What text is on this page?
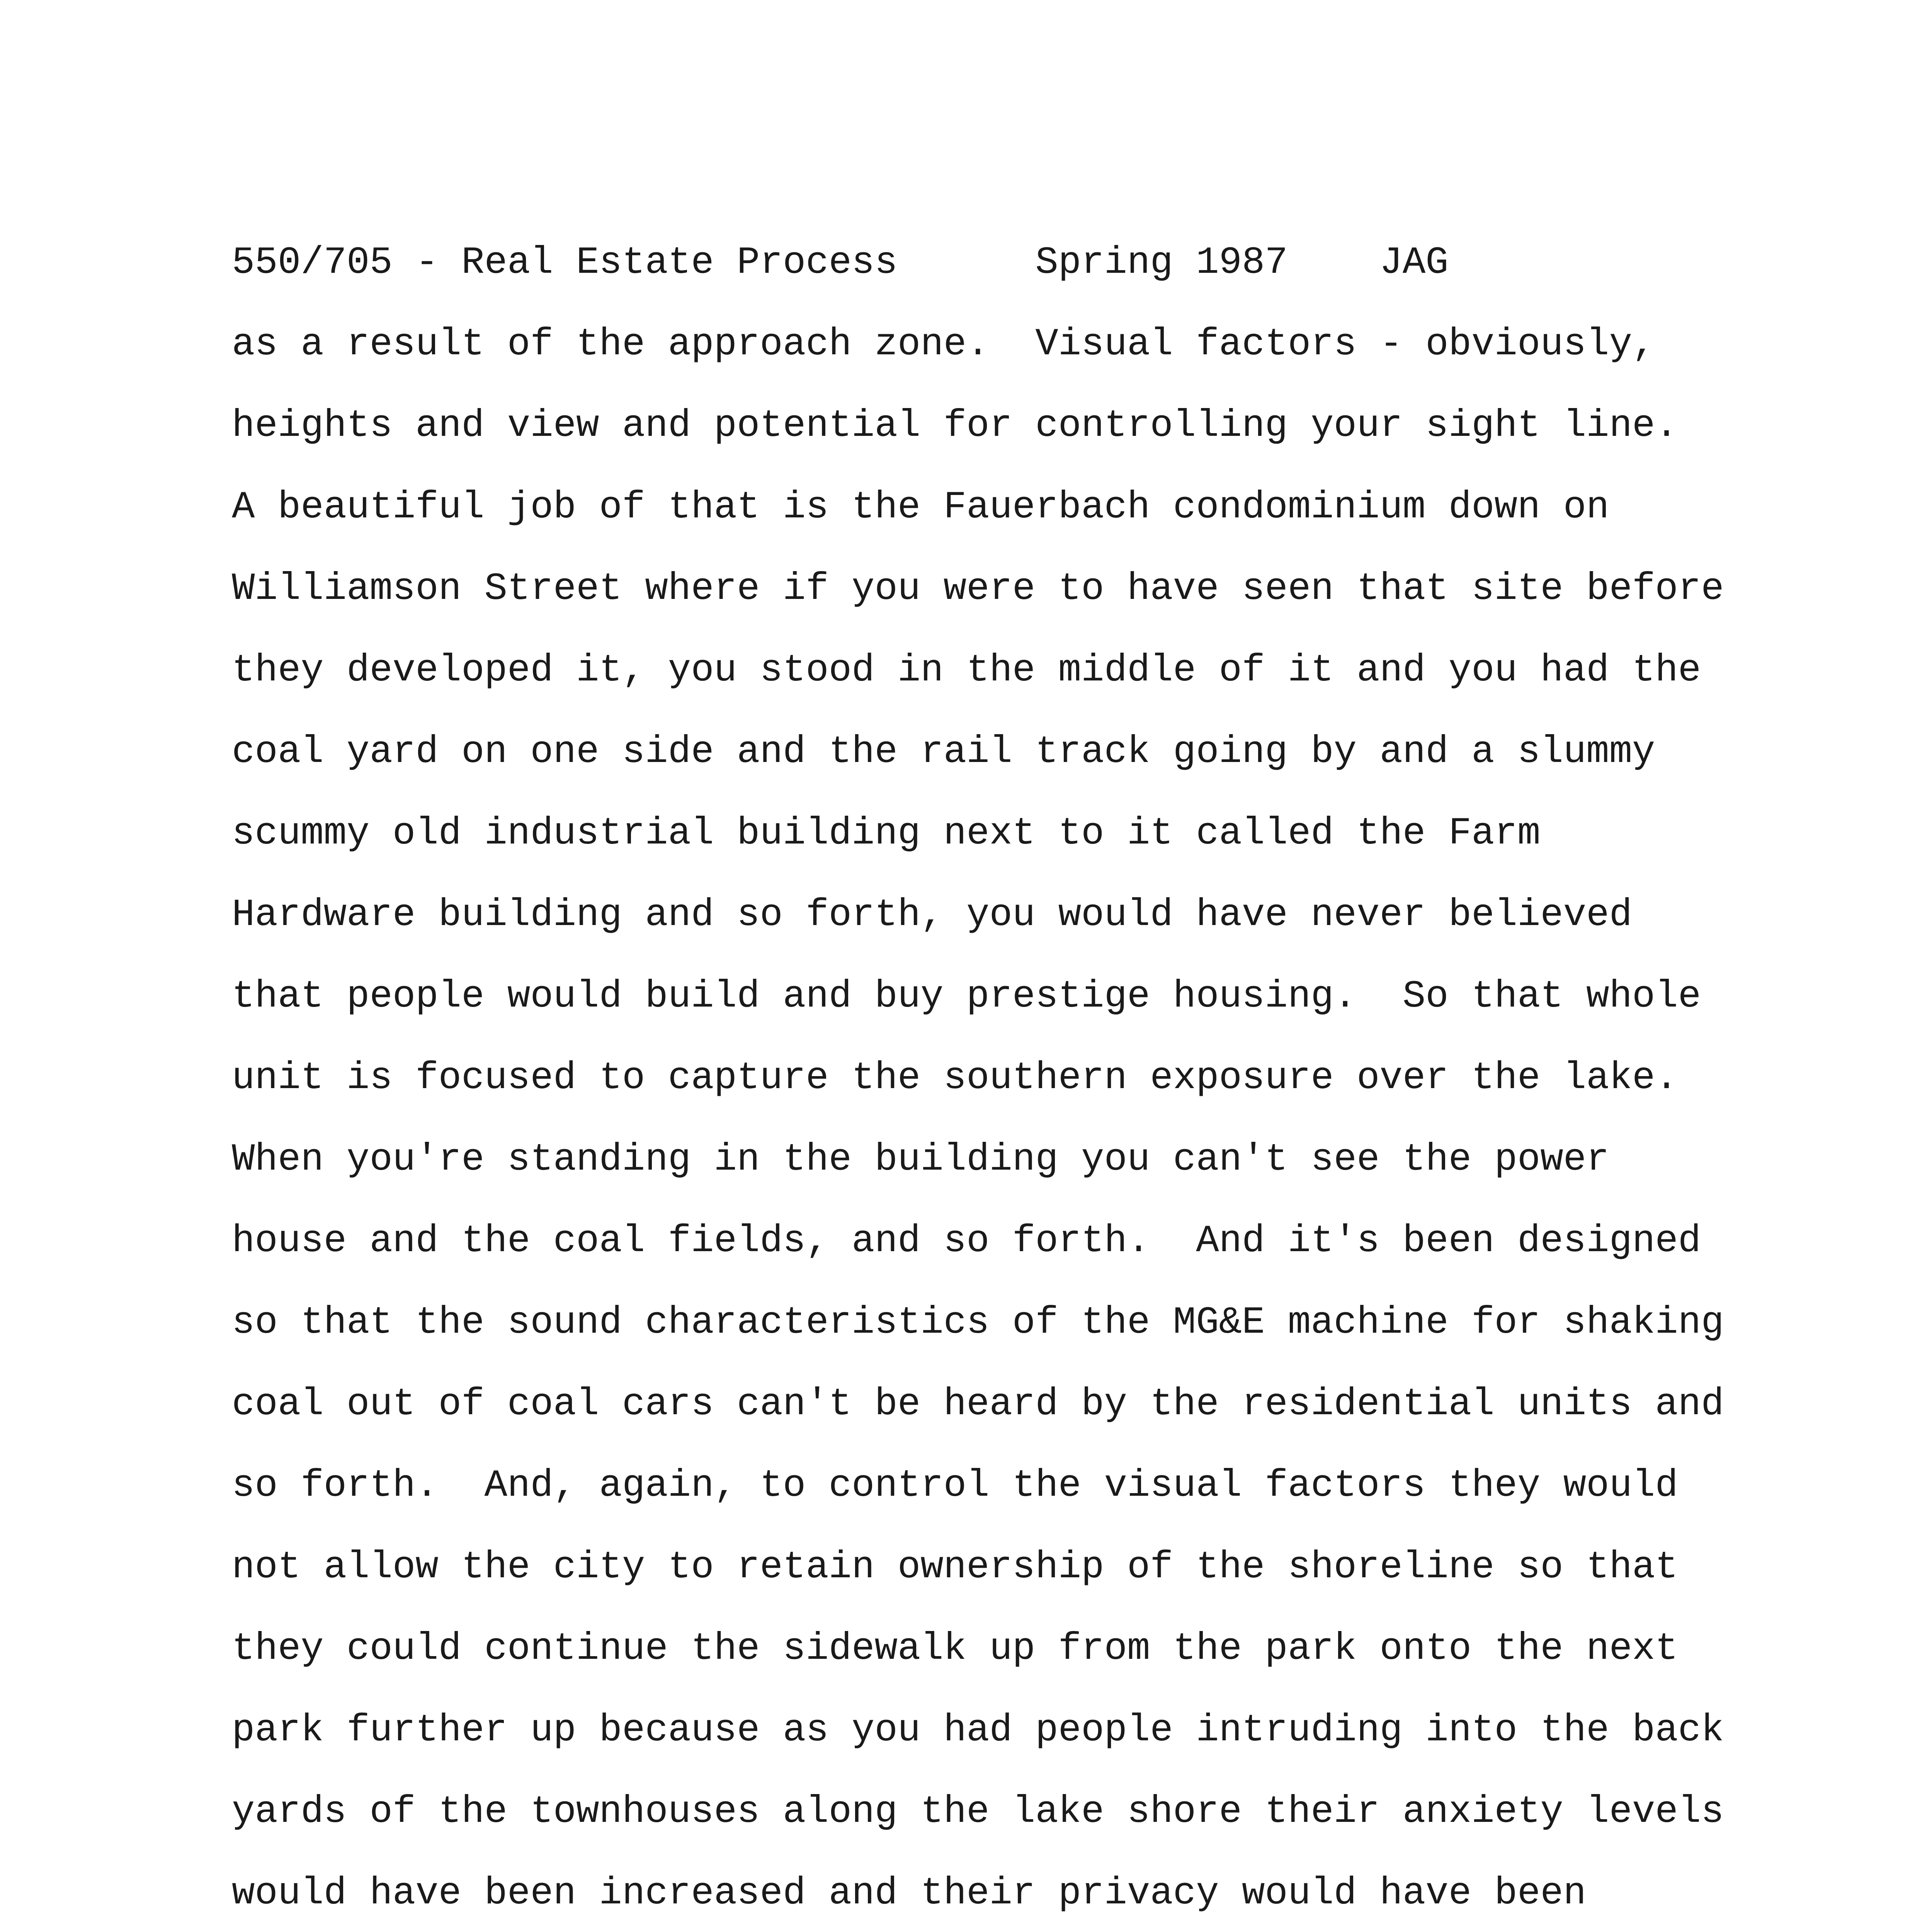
550/705 - Real Estate Process      Spring 1987    JAG

as a result of the approach zone.  Visual factors - obviously,

heights and view and potential for controlling your sight line.

A beautiful job of that is the Fauerbach condominium down on

Williamson Street where if you were to have seen that site before

they developed it, you stood in the middle of it and you had the

coal yard on one side and the rail track going by and a slummy

scummy old industrial building next to it called the Farm

Hardware building and so forth, you would have never believed

that people would build and buy prestige housing.  So that whole

unit is focused to capture the southern exposure over the lake.

When you're standing in the building you can't see the power

house and the coal fields, and so forth.  And it's been designed

so that the sound characteristics of the MG&E machine for shaking

coal out of coal cars can't be heard by the residential units and

so forth.  And, again, to control the visual factors they would

not allow the city to retain ownership of the shoreline so that

they could continue the sidewalk up from the park onto the next

park further up because as you had people intruding into the back

yards of the townhouses along the lake shore their anxiety levels

would have been increased and their privacy would have been
